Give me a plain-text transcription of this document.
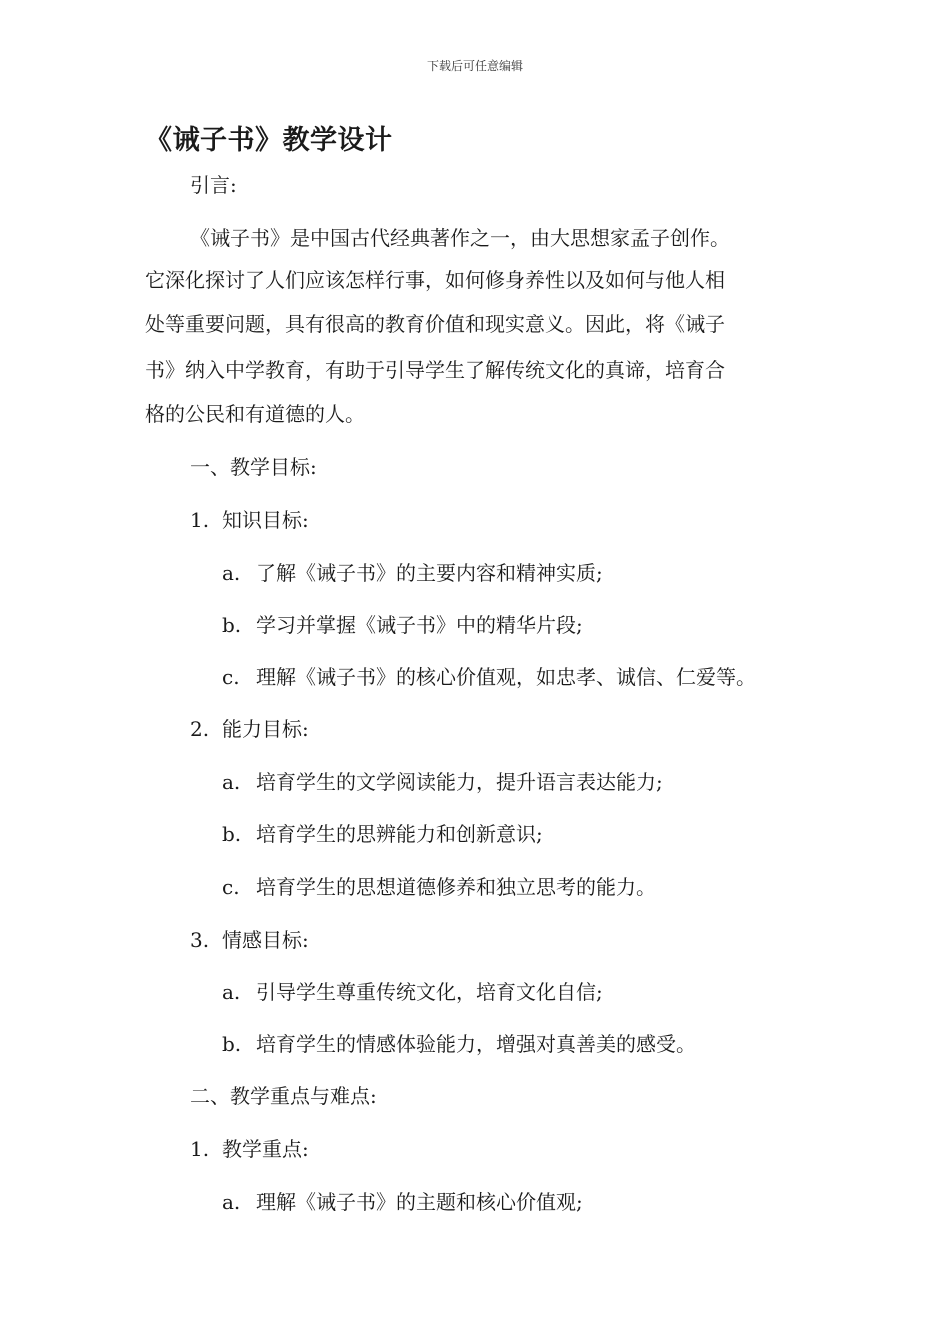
下载后可任意编辑
《诫子书》教学设计
引言:
《诫子书》是中国古代经典著作之一，由大思想家孟子创作。
它深化探讨了人们应该怎样行事，如何修身养性以及如何与他人相
处等重要问题，具有很高的教育价值和现实意义。因此，将《诫子
书》纳入中学教育，有助于引导学生了解传统文化的真谛，培育合
格的公民和有道德的人。
一、教学目标:
1. 知识目标:
a. 了解《诫子书》的主要内容和精神实质;
b. 学习并掌握《诫子书》中的精华片段;
c. 理解《诫子书》的核心价值观，如忠孝、诚信、仁爱等。
2. 能力目标:
a. 培育学生的文学阅读能力，提升语言表达能力;
b. 培育学生的思辨能力和创新意识;
c. 培育学生的思想道德修养和独立思考的能力。
3. 情感目标:
a. 引导学生尊重传统文化，培育文化自信;
b. 培育学生的情感体验能力，增强对真善美的感受。
二、教学重点与难点:
1. 教学重点:
a. 理解《诫子书》的主题和核心价值观;
